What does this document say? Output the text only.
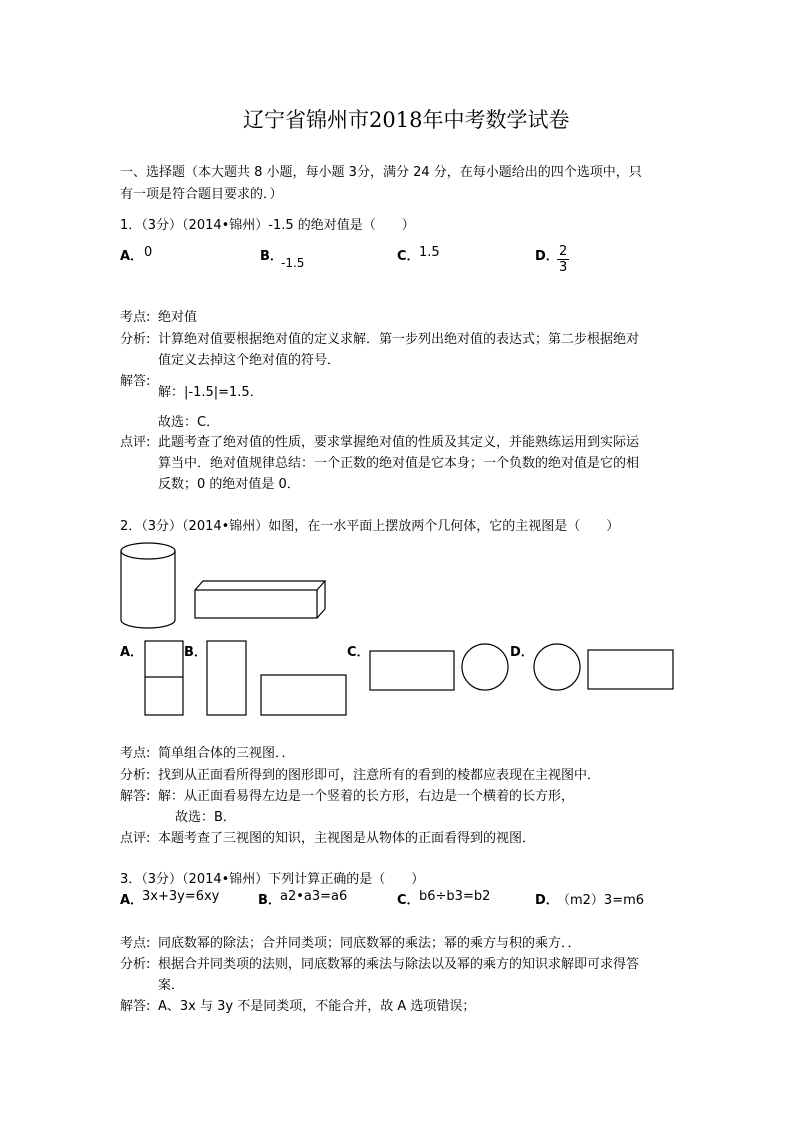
辽宁省锦州市2018年中考数学试卷
一、选择题（本大题共 8 小题，每小题 3分，满分 24 分，在每小题给出的四个选项中，只
有一项是符合题目要求的．）
1．（3分）（2014•锦州）-1.5 的绝对值是（　　）
A． 0	B．
-1.5	C． 1.5	D．
$\frac{2}{3}$
考点: 绝对值
分析: 计算绝对值要根据绝对值的定义求解．第一步列出绝对值的表达式；第二步根据绝对
值定义去掉这个绝对值的符号．
解答:
解：|-1.5|=1.5．
故选：C．
点评: 此题考查了绝对值的性质，要求掌握绝对值的性质及其定义，并能熟练运用到实际运
算当中．绝对值规律总结：一个正数的绝对值是它本身；一个负数的绝对值是它的相
反数；0 的绝对值是 0．
2．（3分）（2014•锦州）如图，在一水平面上摆放两个几何体，它的主视图是（　　）
A．	B．	C．	D．
考点: 简单组合体的三视图．．
分析: 找到从正面看所得到的图形即可，注意所有的看到的棱都应表现在主视图中．
解答: 解：从正面看易得左边是一个竖着的长方形，右边是一个横着的长方形，
故选：B．
点评: 本题考查了三视图的知识，主视图是从物体的正面看得到的视图．
3．（3分）（2014•锦州）下列计算正确的是（　　）
A．
3x+3y=6xy	B． a2•a3=a6	C． b6÷b3=b2	D．
（m2）3=m6
考点: 同底数幂的除法；合并同类项；同底数幂的乘法；幂的乘方与积的乘方．．
分析: 根据合并同类项的法则，同底数幂的乘法与除法以及幂的乘方的知识求解即可求得答
案．
解答: A、3x 与 3y 不是同类项，不能合并，故 A 选项错误；
